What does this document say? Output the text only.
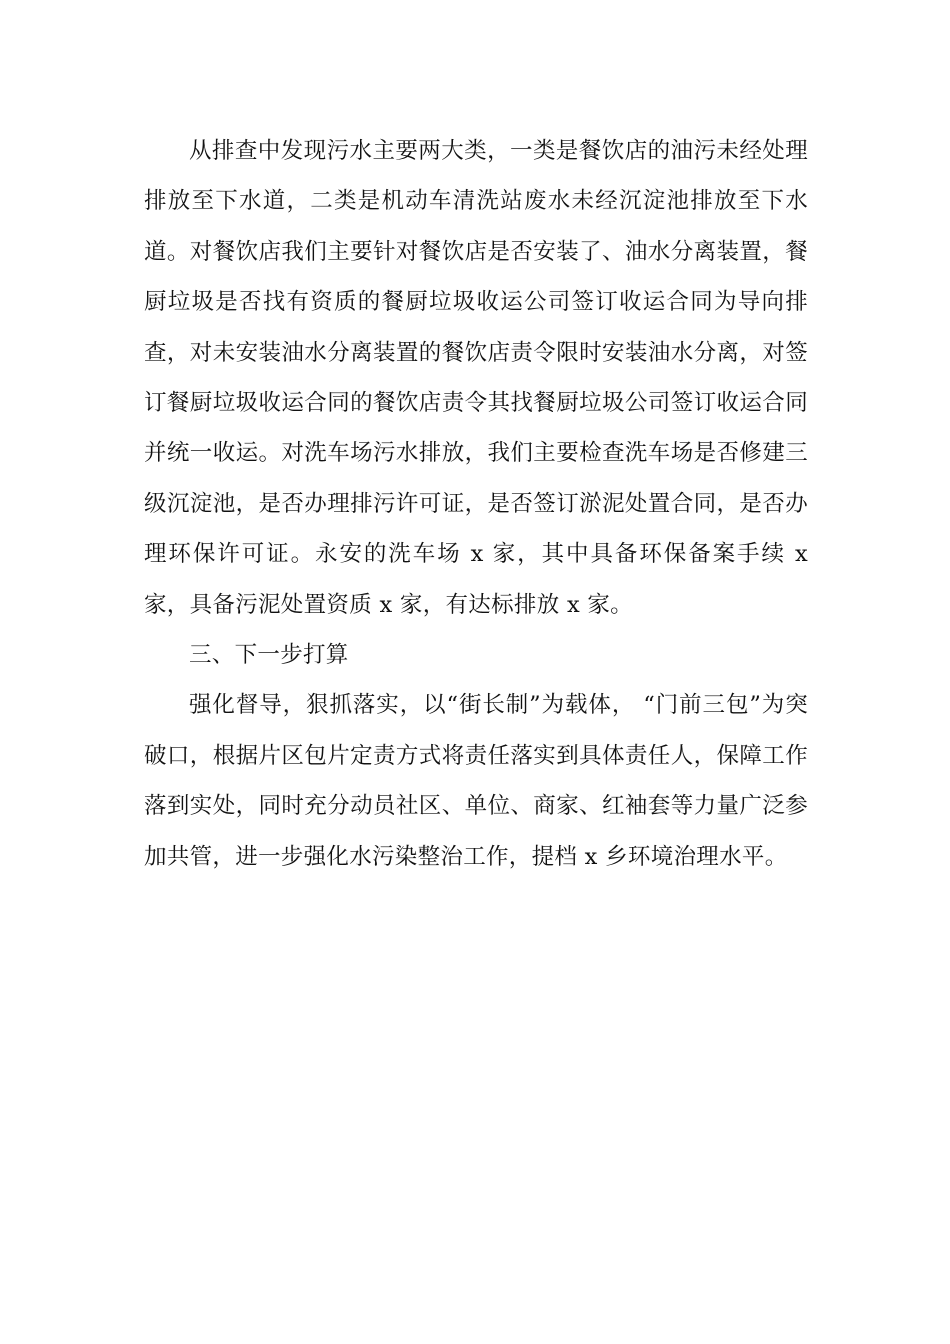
从排查中发现污水主要两大类，一类是餐饮店的油污未经处理排放至下水道，二类是机动车清洗站废水未经沉淀池排放至下水道。对餐饮店我们主要针对餐饮店是否安装了、油水分离装置，餐厨垃圾是否找有资质的餐厨垃圾收运公司签订收运合同为导向排查，对未安装油水分离装置的餐饮店责令限时安装油水分离，对签订餐厨垃圾收运合同的餐饮店责令其找餐厨垃圾公司签订收运合同并统一收运。对洗车场污水排放，我们主要检查洗车场是否修建三级沉淀池，是否办理排污许可证，是否签订淤泥处置合同，是否办理环保许可证。永安的洗车场 x 家，其中具备环保备案手续 x 家，具备污泥处置资质 x 家，有达标排放 x 家。

三、下一步打算

强化督导，狠抓落实，以“街长制”为载体， “门前三包”为突破口，根据片区包片定责方式将责任落实到具体责任人，保障工作落到实处，同时充分动员社区、单位、商家、红袖套等力量广泛参加共管，进一步强化水污染整治工作，提档 x 乡环境治理水平。
